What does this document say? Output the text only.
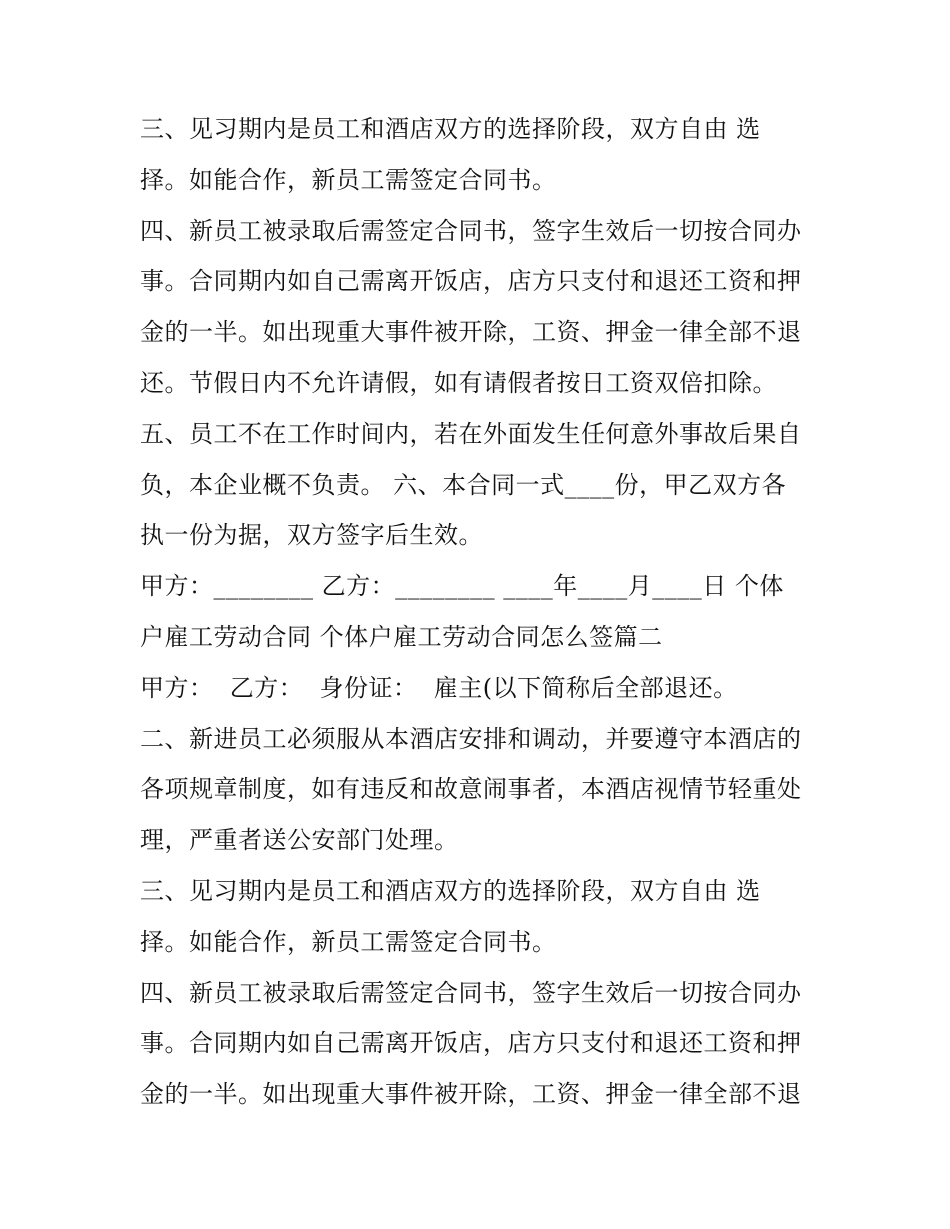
三、见习期内是员工和酒店双方的选择阶段，双方自由 选
择。如能合作，新员工需签定合同书。
四、新员工被录取后需签定合同书，签字生效后一切按合同办
事。合同期内如自己需离开饭店，店方只支付和退还工资和押
金的一半。如出现重大事件被开除，工资、押金一律全部不退
还。节假日内不允许请假，如有请假者按日工资双倍扣除。
五、员工不在工作时间内，若在外面发生任何意外事故后果自
负，本企业概不负责。 六、本合同一式____份，甲乙双方各
执一份为据，双方签字后生效。
甲方：________ 乙方：________ ____年____月____日 个体
户雇工劳动合同 个体户雇工劳动合同怎么签篇二
甲方：  乙方：  身份证：  雇主(以下简称后全部退还。
二、新进员工必须服从本酒店安排和调动，并要遵守本酒店的
各项规章制度，如有违反和故意闹事者，本酒店视情节轻重处
理，严重者送公安部门处理。
三、见习期内是员工和酒店双方的选择阶段，双方自由 选
择。如能合作，新员工需签定合同书。
四、新员工被录取后需签定合同书，签字生效后一切按合同办
事。合同期内如自己需离开饭店，店方只支付和退还工资和押
金的一半。如出现重大事件被开除，工资、押金一律全部不退
